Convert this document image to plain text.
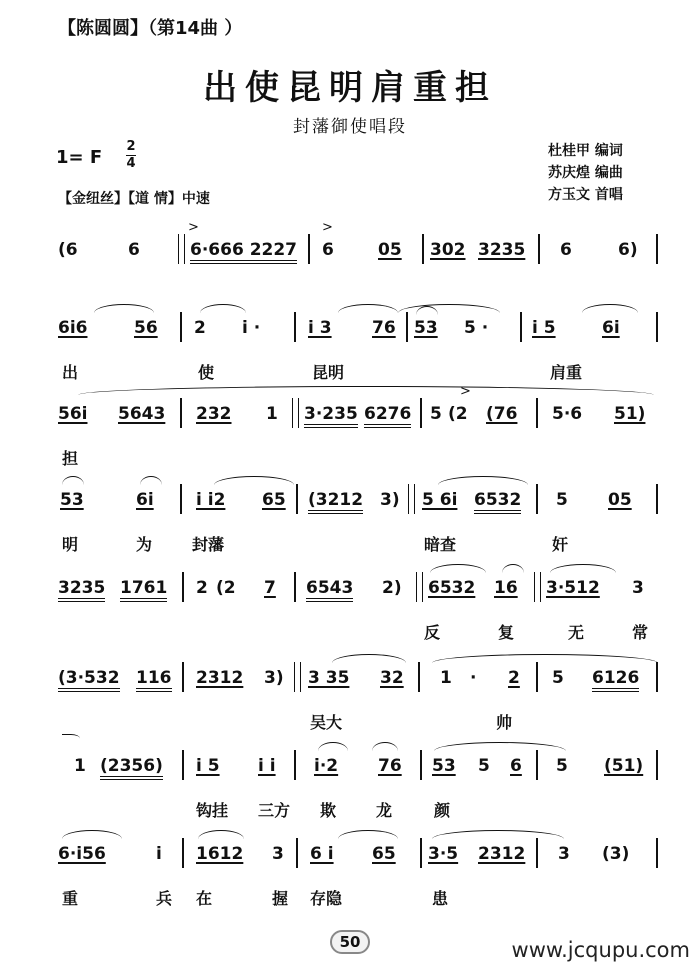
【陈圆圆】（第14曲 ）
出使昆明肩重担
封藩御使唱段
1= F
2
4
杜桂甲 编词
苏庆煌 编曲
方玉文 首唱
【金纽丝】【道 情】中速
(6	6
>
6·666 2227
>
6	05 302 3235 6	6)
6i6	56 2 i ·	i 3 76 53 5 ·	i 5	6i
出	使	昆明	肩重
56i 5643 232 1 3·235 6276 5
>
(2 (76 5·6 51)
担
53	6i i i2 65 (3212 3) 5 6i 6532 5 05
明	为 封藩	暗查	奸
3235 1761 2 (2 7 6543 2) 6532 16 3·512 3
反	复	无	常
(3·532 116 2312 3) 3 35 32 1 · 2 5 6126
吴大	帅
1 (2356) i 5 i i i·2 76 53 5 6 5 (51)
钩挂 三方 欺 龙	颜
6·i56	i 1612 3 6 i 65 3·5 2312 3 (3)
重	兵 在	握 存隐	患
50	www.jcqupu.com
